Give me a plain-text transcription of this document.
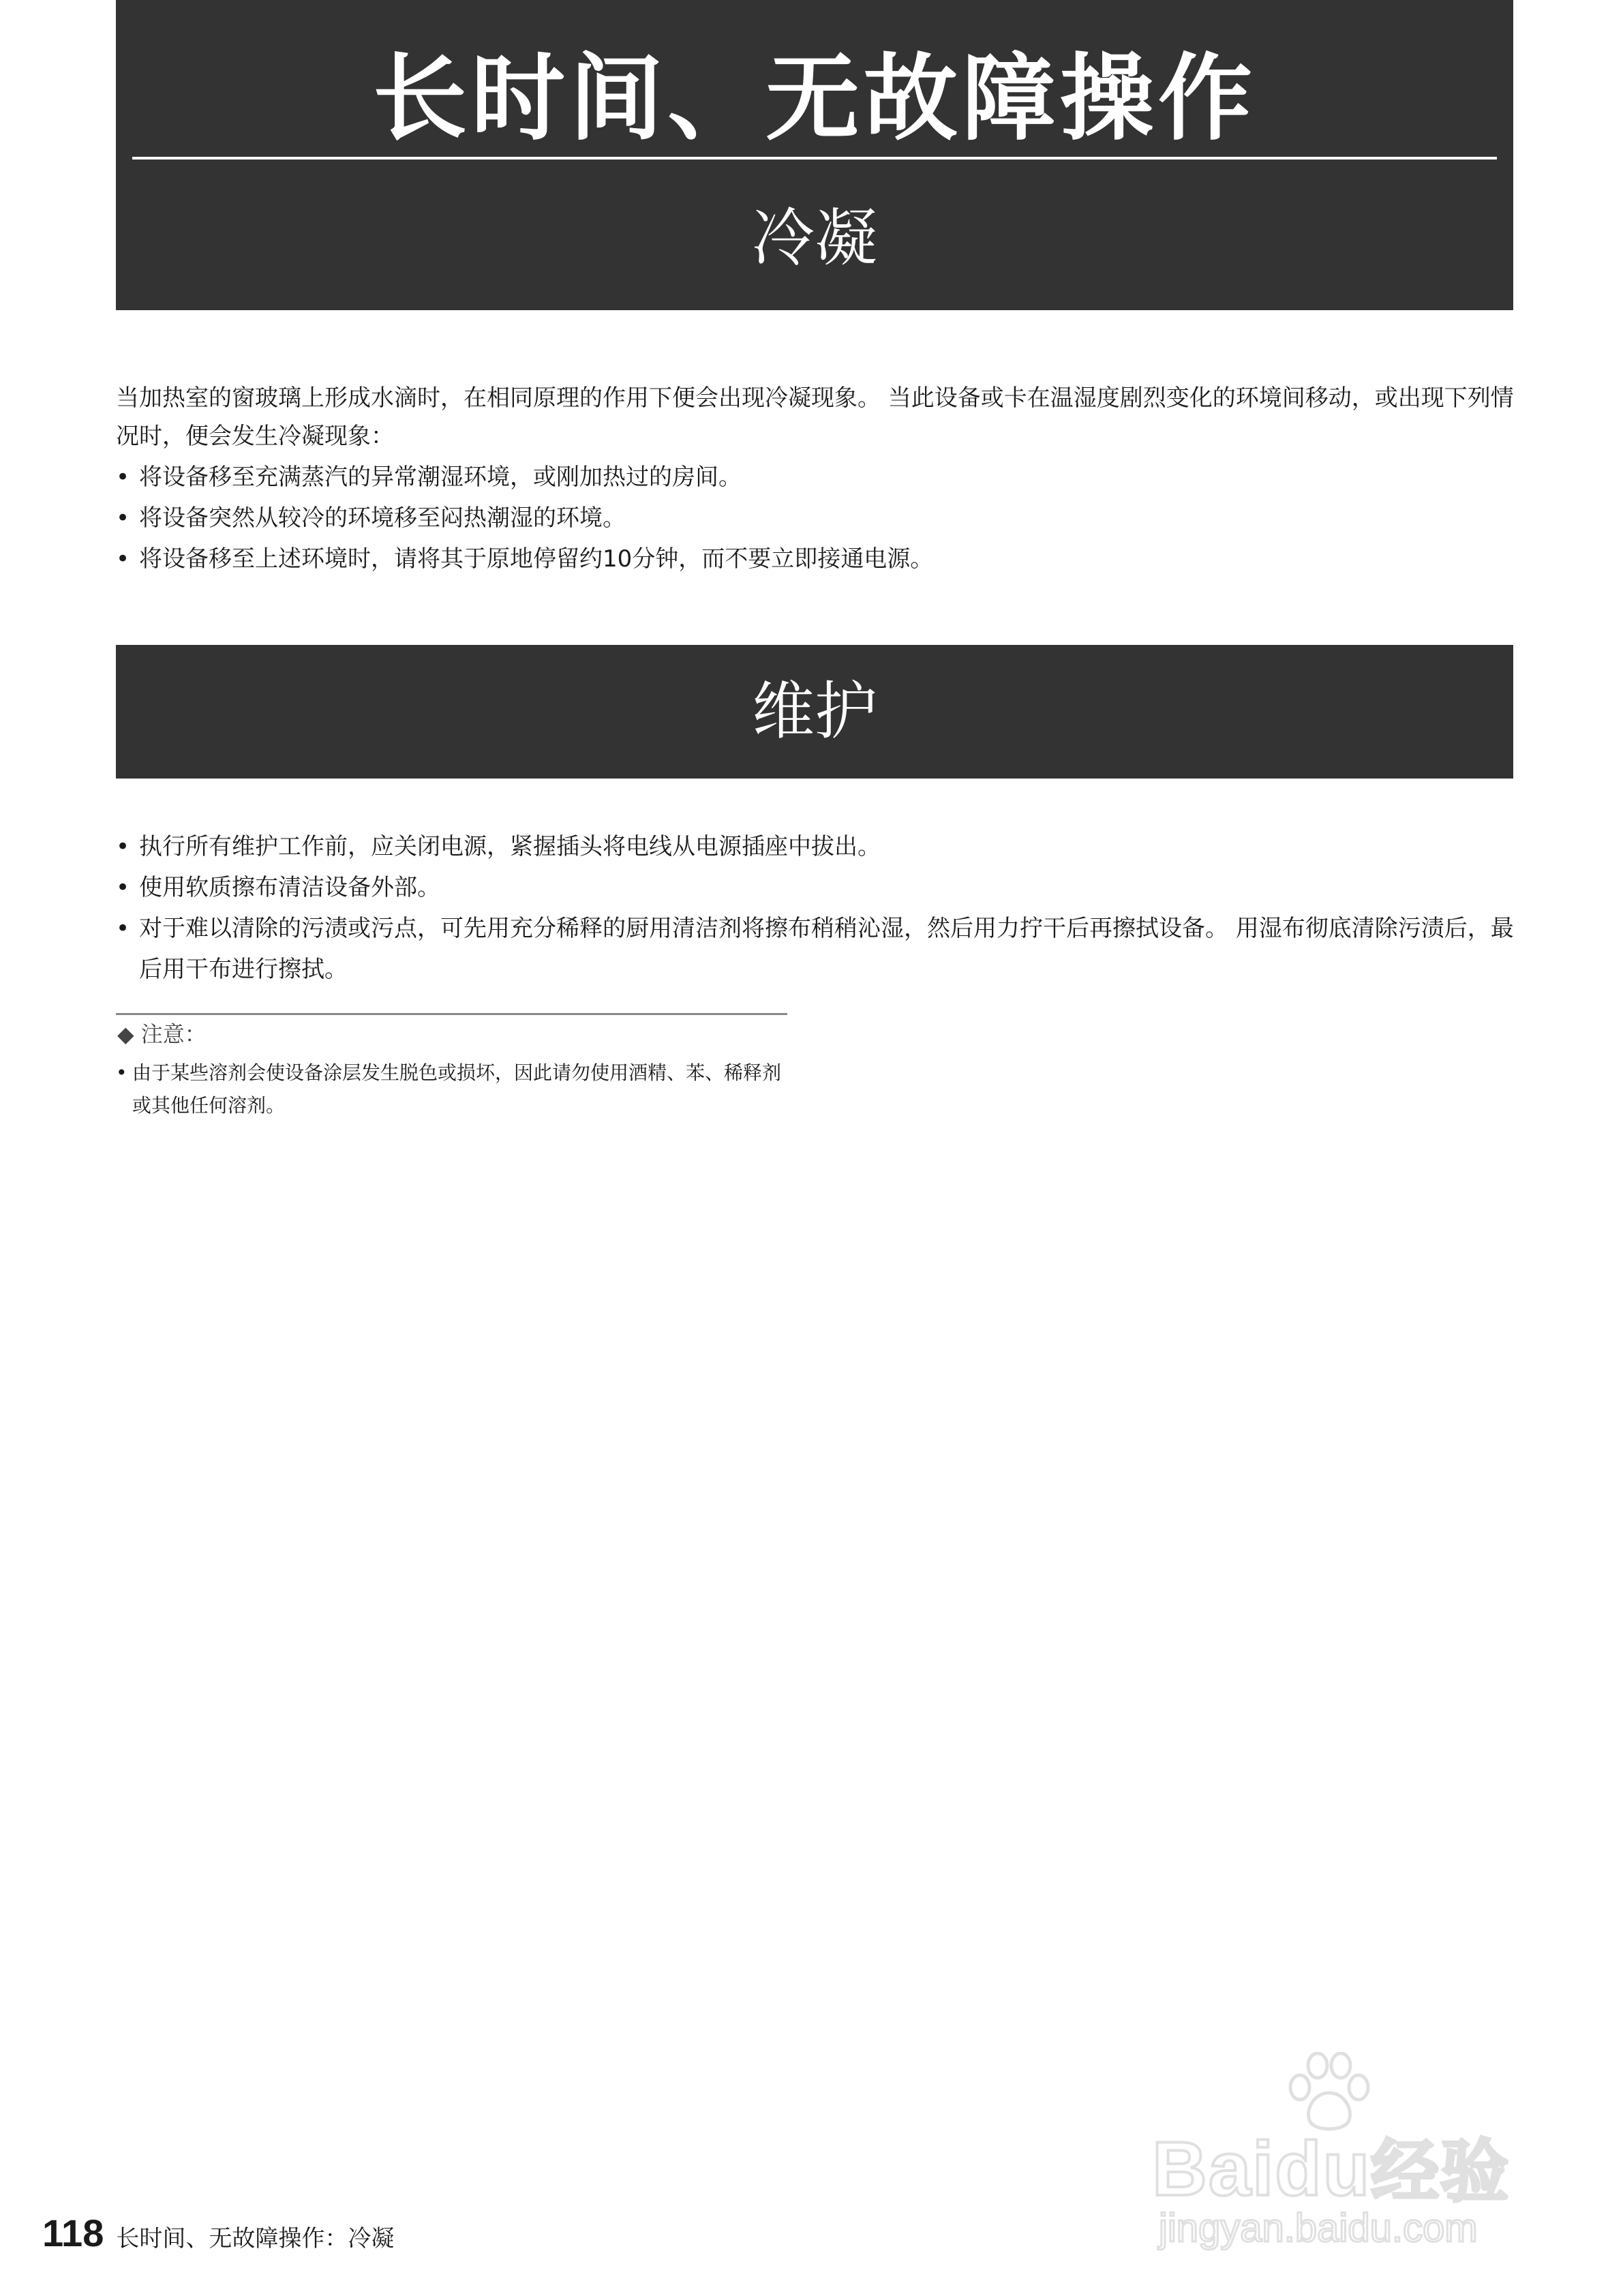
长时间、无故障操作
冷凝

当加热室的窗玻璃上形成水滴时，在相同原理的作用下便会出现冷凝现象。 当此设备或卡在温湿度剧烈变化的环境间移动，或出现下列情况时，便会发生冷凝现象：

• 将设备移至充满蒸汽的异常潮湿环境，或刚加热过的房间。
• 将设备突然从较冷的环境移至闷热潮湿的环境。
• 将设备移至上述环境时，请将其于原地停留约10分钟，而不要立即接通电源。
维护
• 执行所有维护工作前，应关闭电源，紧握插头将电线从电源插座中拔出。
• 使用软质擦布清洁设备外部。
• 对于难以清除的污渍或污点，可先用充分稀释的厨用清洁剂将擦布稍稍沁湿，然后用力拧干后再擦拭设备。 用湿布彻底清除污渍后，最后用干布进行擦拭。
◆ 注意：
• 由于某些溶剂会使设备涂层发生脱色或损坏，因此请勿使用酒精、苯、稀释剂或其他任何溶剂。
Baidu经验
jingyan.baidu.com
118 长时间、无故障操作：冷凝
